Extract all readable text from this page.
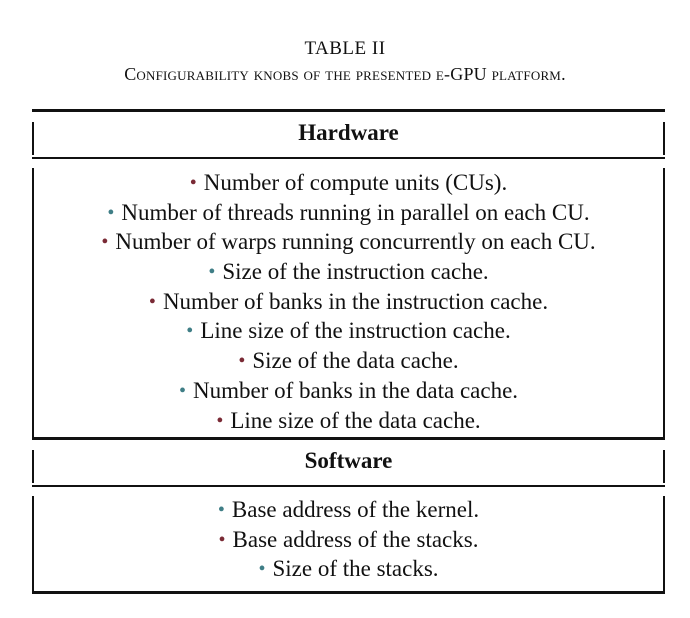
TABLE II
Configurability knobs of the presented e-GPU platform.
Hardware
• Number of compute units (CUs).
• Number of threads running in parallel on each CU.
• Number of warps running concurrently on each CU.
• Size of the instruction cache.
• Number of banks in the instruction cache.
• Line size of the instruction cache.
• Size of the data cache.
• Number of banks in the data cache.
• Line size of the data cache.
Software
• Base address of the kernel.
• Base address of the stacks.
• Size of the stacks.
